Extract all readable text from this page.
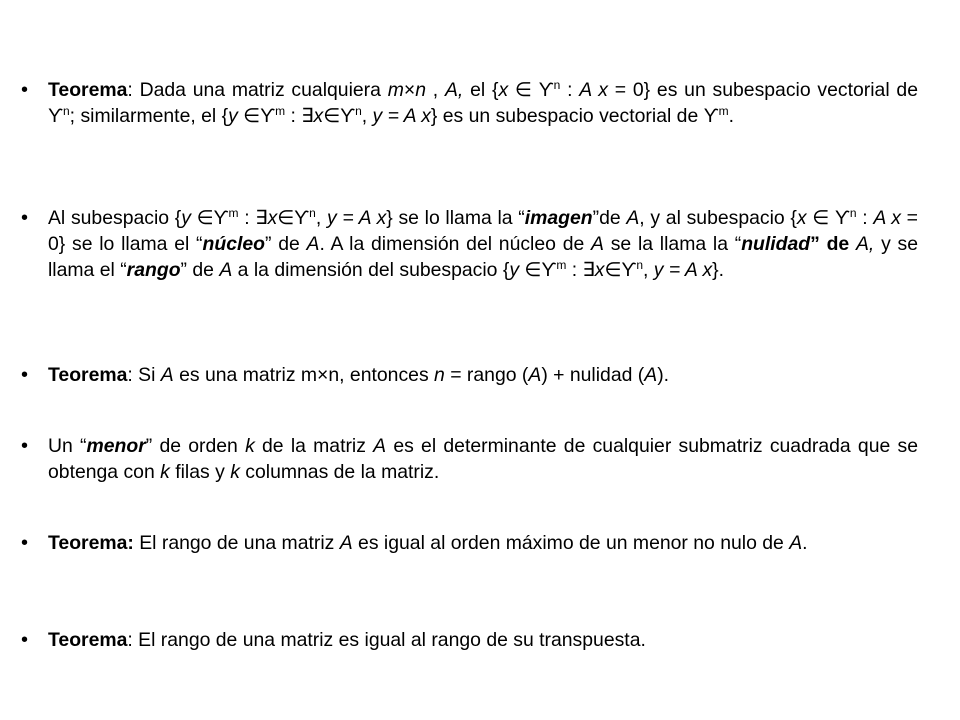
• Teorema: Dada una matriz cualquiera m×n , A, el {x ∈ $ϒ^n$ : A x = 0} es un subespacio vectorial de $ϒ^n$; similarmente, el {y $\in ϒ^m$ : $\exists x\in ϒ^n$, y = A x} es un subespacio vectorial de $ϒ^m$.

• Al subespacio {y $\in ϒ^m$ : $\exists x\in ϒ^n$, y = A x} se lo llama la “imagen”de A, y al subespacio {x ∈ $ϒ^n$ : A x = 0} se lo llama el “núcleo” de A. A la dimensión del núcleo de A se la llama la “nulidad” de A, y se llama el “rango” de A a la dimensión del subespacio {y $\in ϒ^m$ : $\exists x\in ϒ^n$, y = A x}.

• Teorema: Si A es una matriz m×n, entonces n = rango (A) + nulidad (A).

• Un “menor” de orden k de la matriz A es el determinante de cualquier submatriz cuadrada que se obtenga con k filas y k columnas de la matriz.

• Teorema: El rango de una matriz A es igual al orden máximo de un menor no nulo de A.

• Teorema: El rango de una matriz es igual al rango de su transpuesta.
